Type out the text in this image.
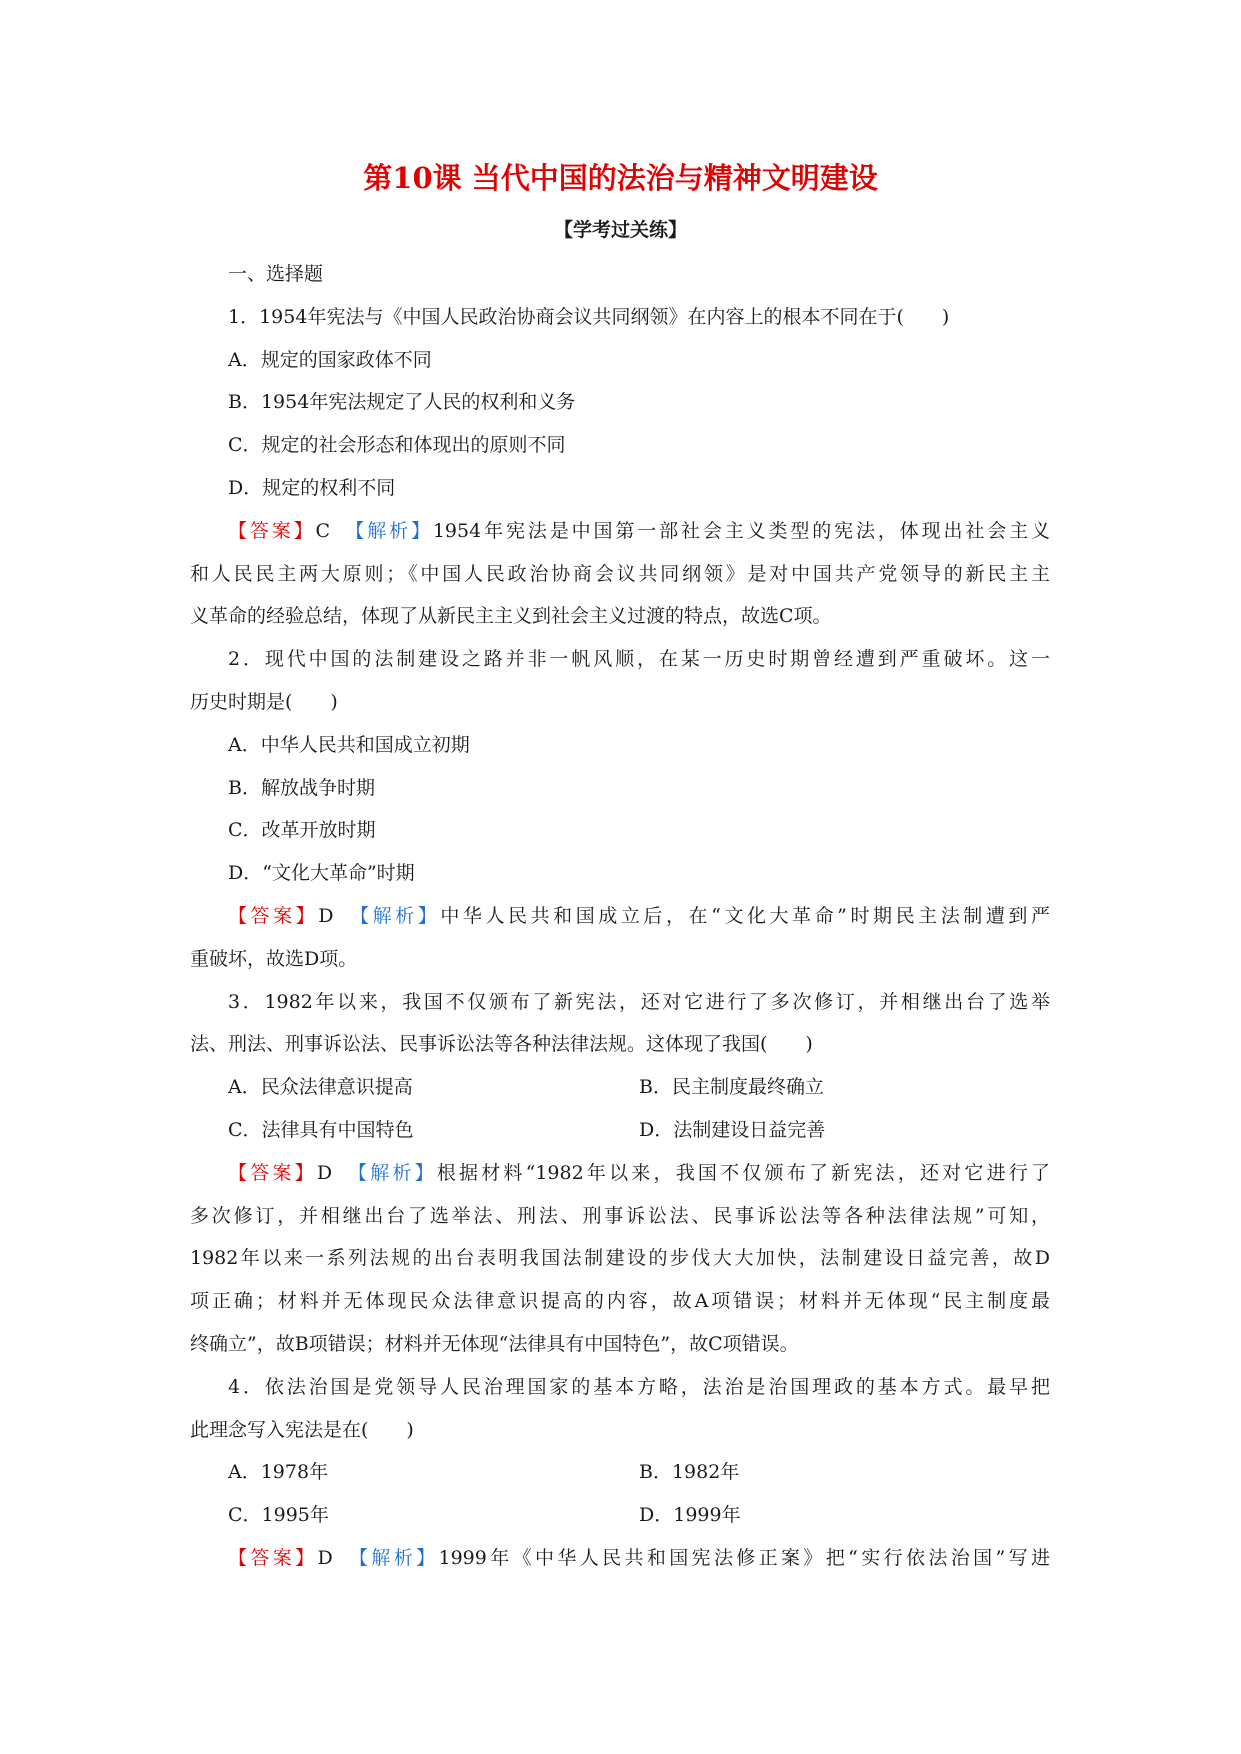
第10课 当代中国的法治与精神文明建设
【学考过关练】
一、选择题
1．1954年宪法与《中国人民政治协商会议共同纲领》在内容上的根本不同在于(　　)
A．规定的国家政体不同
B．1954年宪法规定了人民的权利和义务
C．规定的社会形态和体现出的原则不同
D．规定的权利不同
【答案】C　 【解析】1954年宪法是中国第一部社会主义类型的宪法，体现出社会主义
和人民民主两大原则；《中国人民政治协商会议共同纲领》是对中国共产党领导的新民主主
义革命的经验总结，体现了从新民主主义到社会主义过渡的特点，故选C项。
2．现代中国的法制建设之路并非一帆风顺，在某一历史时期曾经遭到严重破坏。这一
历史时期是(　　)
A．中华人民共和国成立初期
B．解放战争时期
C．改革开放时期
D．“文化大革命”时期
【答案】D　 【解析】中华人民共和国成立后，在“文化大革命”时期民主法制遭到严
重破坏，故选D项。
3．1982年以来，我国不仅颁布了新宪法，还对它进行了多次修订，并相继出台了选举
法、刑法、刑事诉讼法、民事诉讼法等各种法律法规。这体现了我国(　　)
A．民众法律意识提高	B．民主制度最终确立
C．法律具有中国特色	D．法制建设日益完善
【答案】D　 【解析】根据材料“1982年以来，我国不仅颁布了新宪法，还对它进行了
多次修订，并相继出台了选举法、刑法、刑事诉讼法、民事诉讼法等各种法律法规”可知，
1982年以来一系列法规的出台表明我国法制建设的步伐大大加快，法制建设日益完善，故D
项正确；材料并无体现民众法律意识提高的内容，故A项错误；材料并无体现“民主制度最
终确立”，故B项错误；材料并无体现“法律具有中国特色”，故C项错误。
4．依法治国是党领导人民治理国家的基本方略，法治是治国理政的基本方式。最早把
此理念写入宪法是在(　　)
A．1978年	B．1982年
C．1995年	D．1999年
【答案】D　 【解析】1999年《中华人民共和国宪法修正案》把“实行依法治国”写进
